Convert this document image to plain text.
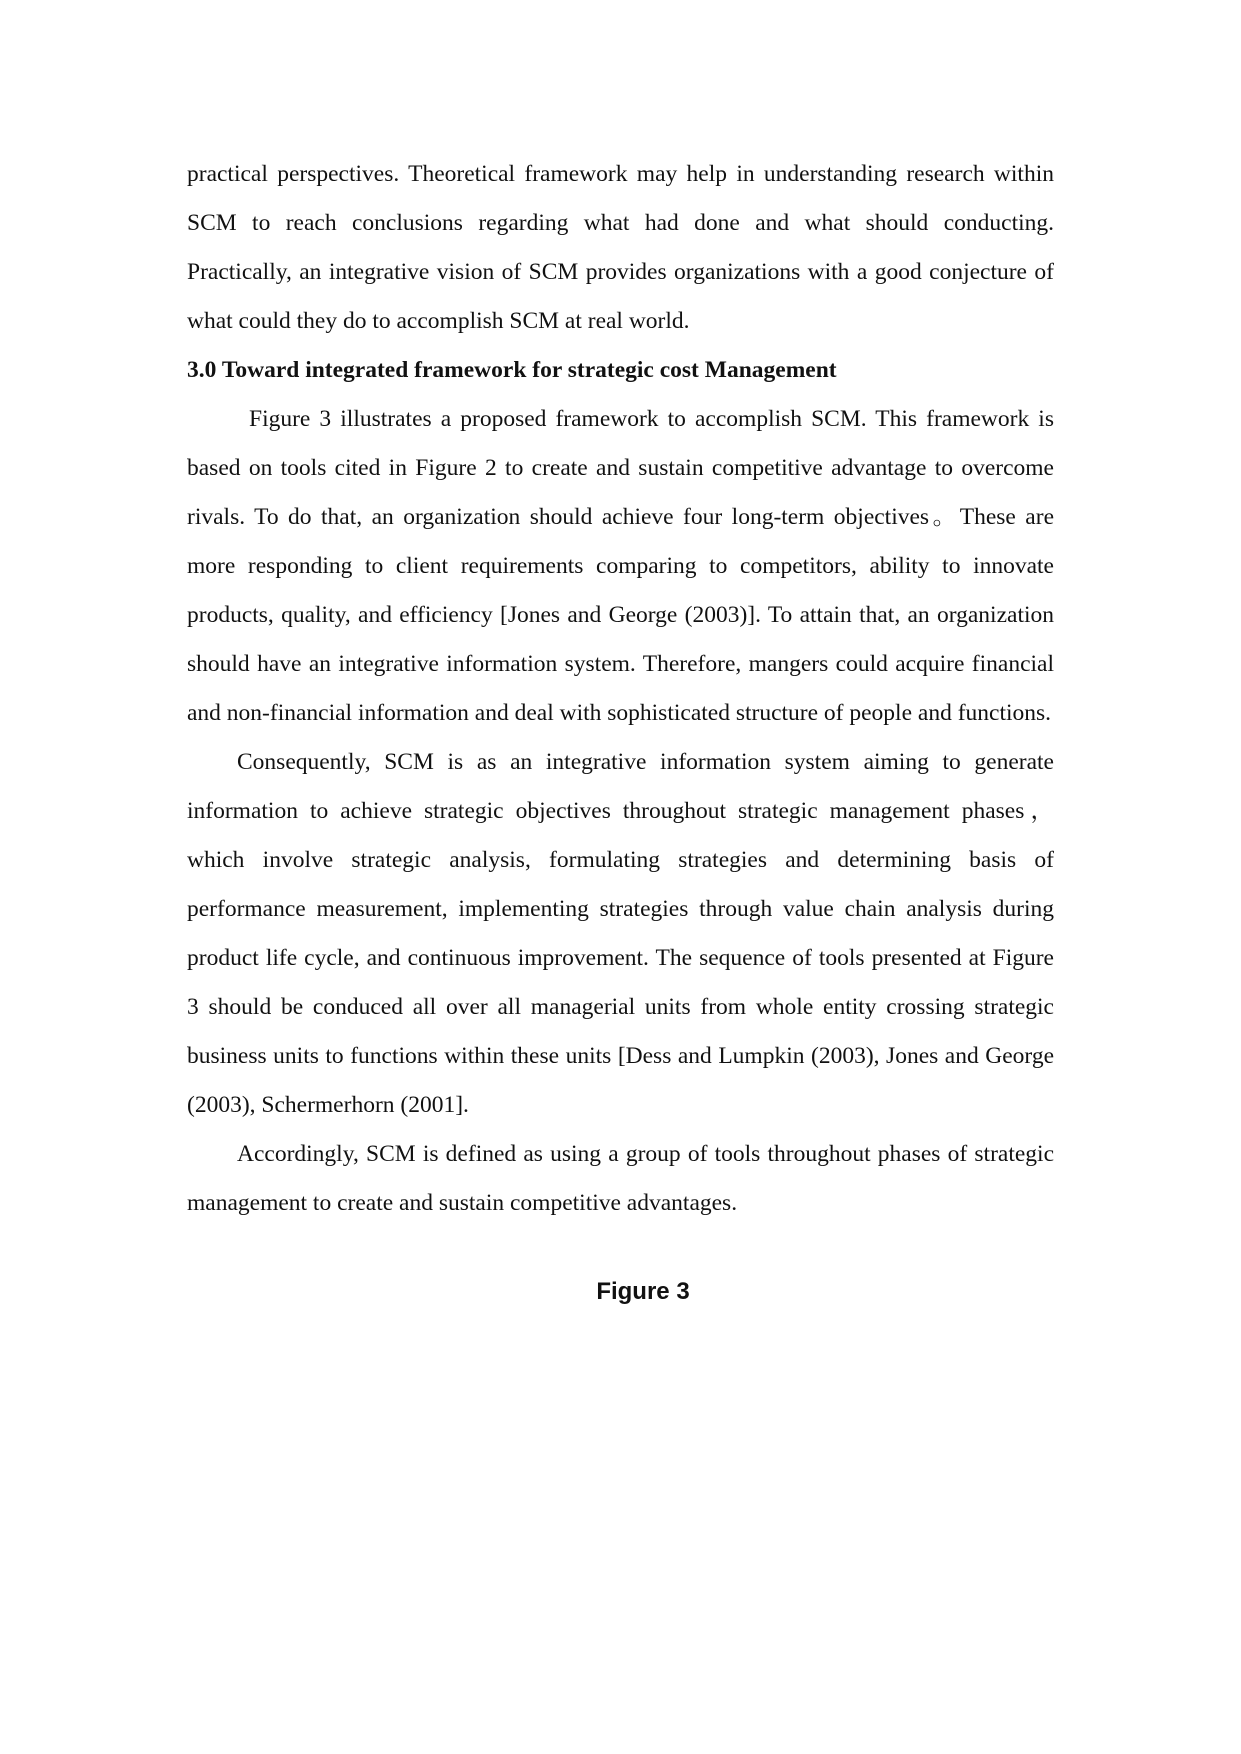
practical perspectives. Theoretical framework may help in understanding research within SCM to reach conclusions regarding what had done and what should conducting. Practically, an integrative vision of SCM provides organizations with a good conjecture of what could they do to accomplish SCM at real world.

3.0 Toward integrated framework for strategic cost Management

Figure 3 illustrates a proposed framework to accomplish SCM. This framework is based on tools cited in Figure 2 to create and sustain competitive advantage to overcome rivals. To do that, an organization should achieve four long-term objectives。These are more responding to client requirements comparing to competitors, ability to innovate products, quality, and efficiency [Jones and George (2003)]. To attain that, an organization should have an integrative information system. Therefore, mangers could acquire financial and non-financial information and deal with sophisticated structure of people and functions.

Consequently, SCM is as an integrative information system aiming to generate information to achieve strategic objectives throughout strategic management phases，which involve strategic analysis, formulating strategies and determining basis of performance measurement, implementing strategies through value chain analysis during product life cycle, and continuous improvement. The sequence of tools presented at Figure 3 should be conduced all over all managerial units from whole entity crossing strategic business units to functions within these units [Dess and Lumpkin (2003), Jones and George (2003), Schermerhorn (2001].

Accordingly, SCM is defined as using a group of tools throughout phases of strategic management to create and sustain competitive advantages.

Figure 3
